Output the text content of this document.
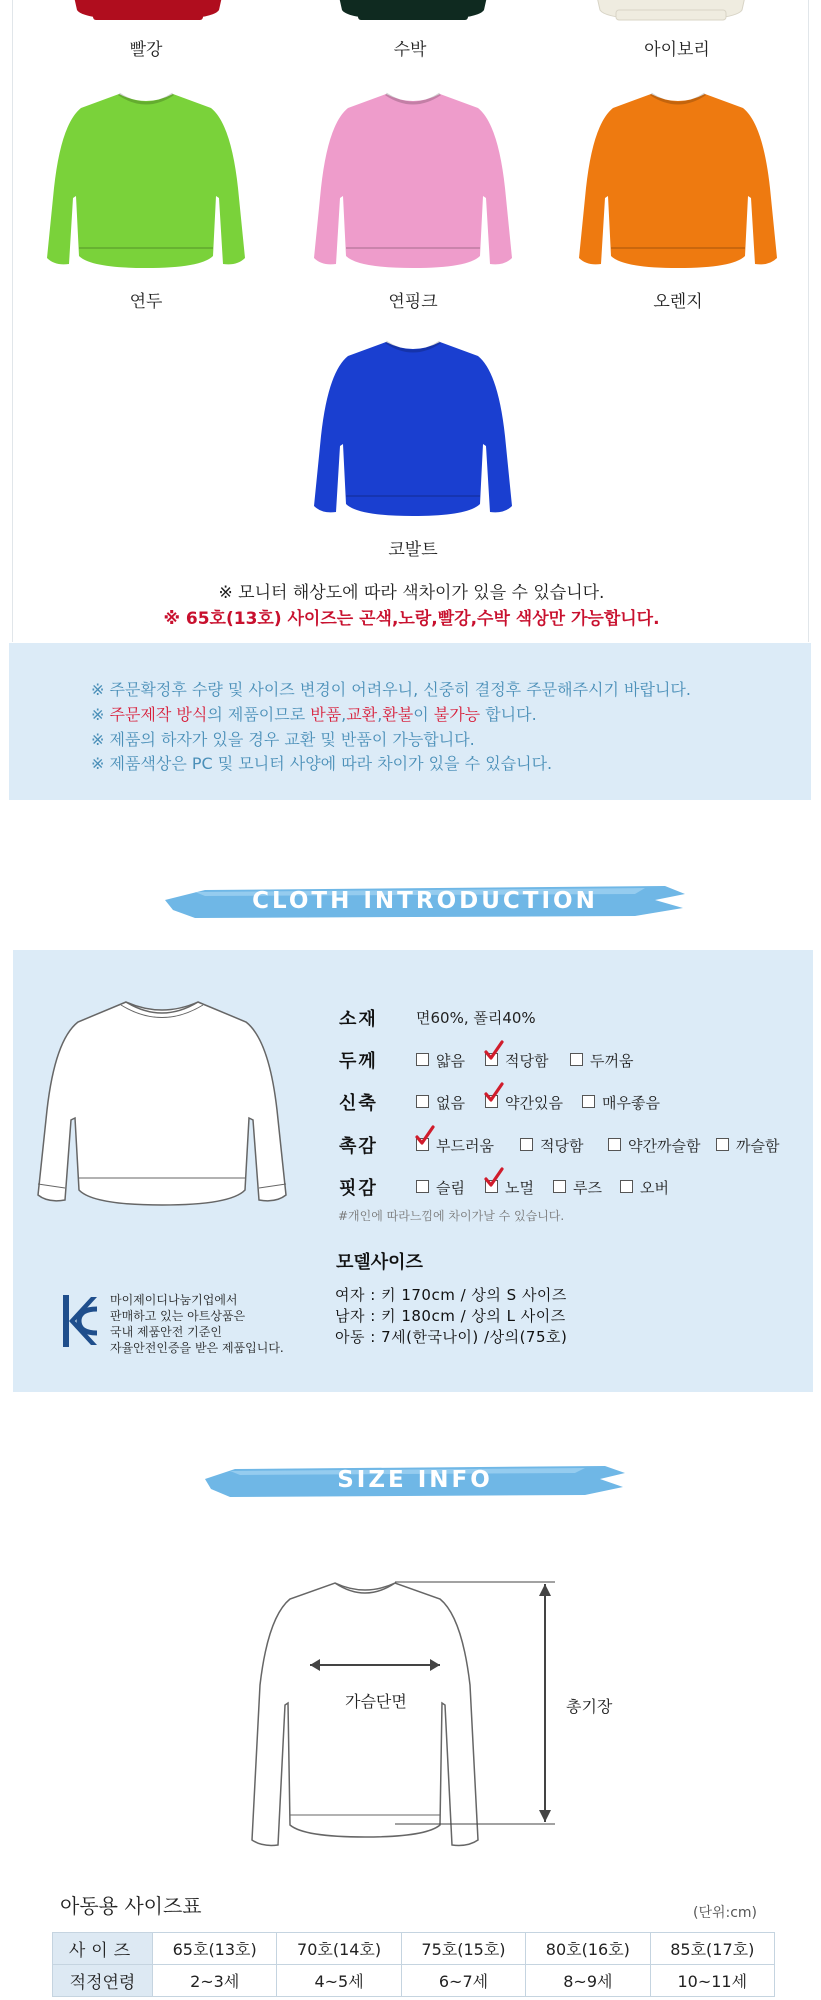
빨강	수박	아이보리
연두	연핑크	오렌지
코발트
※ 모니터 해상도에 따라 색차이가 있을 수 있습니다.
※ 65호(13호) 사이즈는 곤색,노랑,빨강,수박 색상만 가능합니다.
※ 주문확정후 수량 및 사이즈 변경이 어려우니, 신중히 결정후 주문해주시기 바랍니다.
※ 주문제작 방식의 제품이므로 반품,교환,환불이 불가능 합니다.
※ 제품의 하자가 있을 경우 교환 및 반품이 가능합니다.
※ 제품색상은 PC 및 모니터 사양에 따라 차이가 있을 수 있습니다.
CLOTH INTRODUCTION
마이제이디나눔기업에서
판매하고 있는 아트상품은
국내 제품안전 기준인
자율안전인증을 받은 제품입니다.
소재	면60%, 폴리40%
두께	얇음	적당함	두꺼움
신축	없음	약간있음	매우좋음
촉감	부드러움	적당함	약간까슬함	까슬함
핏감	슬림	노멀	루즈	오버
#개인에 따라느낌에 차이가날 수 있습니다.
모델사이즈
여자 : 키 170cm / 상의 S 사이즈
남자 : 키 180cm / 상의 L 사이즈
아동 : 7세(한국나이) /상의(75호)
SIZE INFO
가슴단면	총기장
아동용 사이즈표	(단위:cm)
사이즈	65호(13호)	70호(14호)	75호(15호)	80호(16호)	85호(17호)
적정연령	2~3세	4~5세	6~7세	8~9세	10~11세
